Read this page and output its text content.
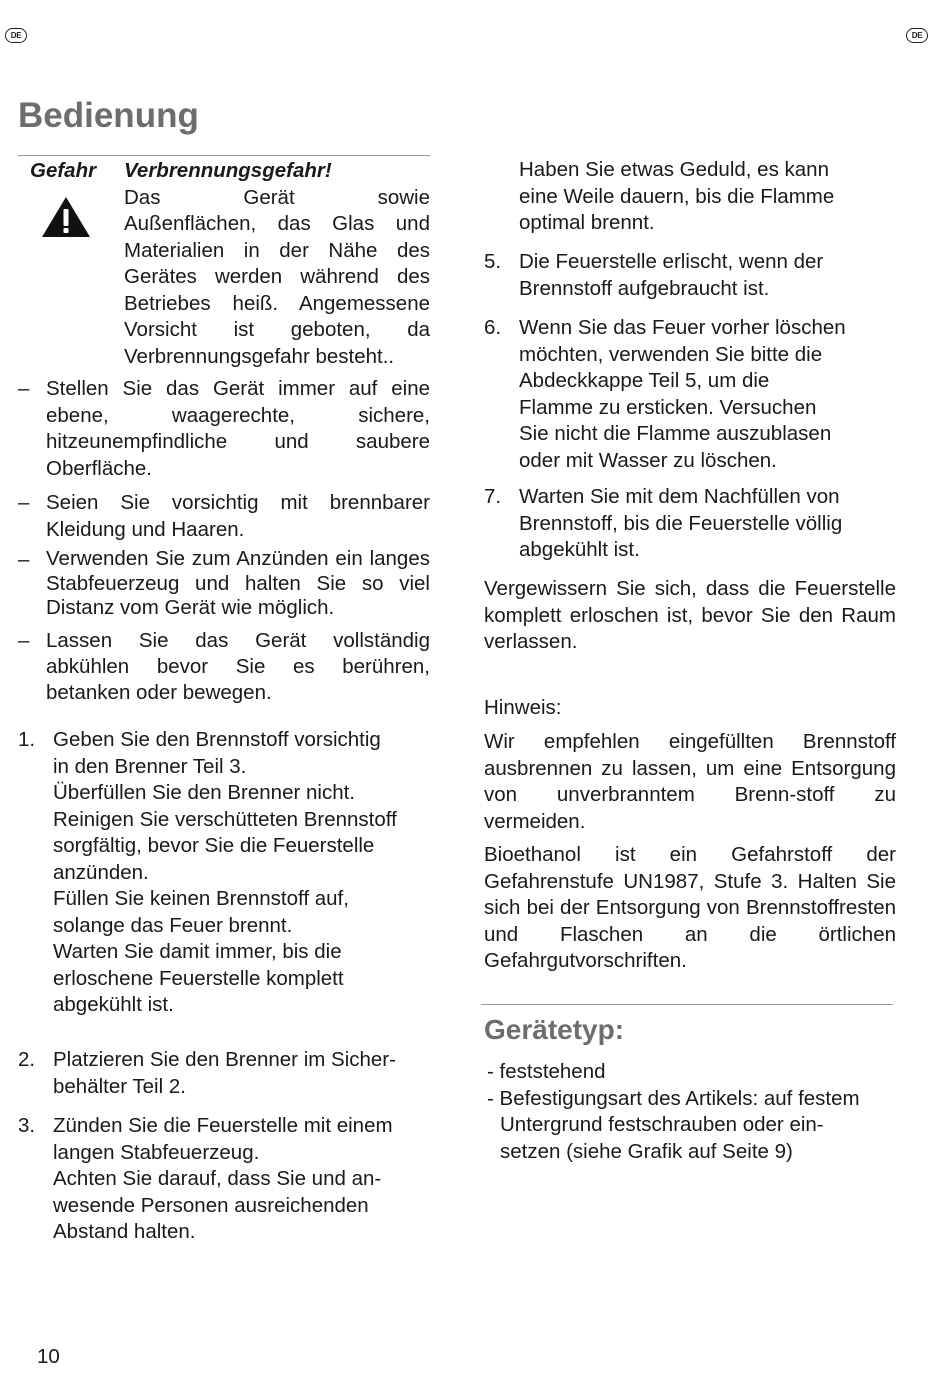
DE	DE
Bedienung
Gefahr Verbrennungsgefahr!
Das Gerät sowie
Außenflächen, das Glas und
Materialien in der Nähe des
Gerätes werden während des
Betriebes heiß. Angemessene
Vorsicht ist geboten, da
Verbrennungsgefahr besteht..
– Stellen Sie das Gerät immer auf eine ebene, waagerechte, sichere, hitzeunempfindliche und saubere Oberfläche.
– Seien Sie vorsichtig mit brennbarer Kleidung und Haaren.
– Verwenden Sie zum Anzünden ein langes Stabfeuerzeug und halten Sie so viel Distanz vom Gerät wie möglich.
– Lassen Sie das Gerät vollständig abkühlen bevor Sie es berühren, betanken oder bewegen.
1. Geben Sie den Brennstoff vorsichtig
in den Brenner Teil 3.
Überfüllen Sie den Brenner nicht.
Reinigen Sie verschütteten Brennstoff
sorgfältig, bevor Sie die Feuerstelle
anzünden.
Füllen Sie keinen Brennstoff auf,
solange das Feuer brennt.
Warten Sie damit immer, bis die
erloschene Feuerstelle komplett
abgekühlt ist.
2. Platzieren Sie den Brenner im Sicher-
behälter Teil 2.
3. Zünden Sie die Feuerstelle mit einem
langen Stabfeuerzeug.
Achten Sie darauf, dass Sie und an-
wesende Personen ausreichenden
Abstand halten.
Haben Sie etwas Geduld, es kann
eine Weile dauern, bis die Flamme
optimal brennt.
5. Die Feuerstelle erlischt, wenn der
Brennstoff aufgebraucht ist.
6. Wenn Sie das Feuer vorher löschen
möchten, verwenden Sie bitte die
Abdeckkappe Teil 5, um die
Flamme zu ersticken. Versuchen
Sie nicht die Flamme auszublasen
oder mit Wasser zu löschen.
7. Warten Sie mit dem Nachfüllen von
Brennstoff, bis die Feuerstelle völlig
abgekühlt ist.
Vergewissern Sie sich, dass die Feuerstelle komplett erloschen ist, bevor Sie den Raum verlassen.
Hinweis:
Wir empfehlen eingefüllten Brennstoff ausbrennen zu lassen, um eine Entsorgung von unverbranntem Brenn-stoff zu vermeiden.
Bioethanol ist ein Gefahrstoff der Gefahrenstufe UN1987, Stufe 3. Halten Sie sich bei der Entsorgung von Brennstoffresten und Flaschen an die örtlichen Gefahrgutvorschriften.
Gerätetyp:
- feststehend
- Befestigungsart des Artikels: auf festem
Untergrund festschrauben oder ein-
setzen (siehe Grafik auf Seite 9)
10
